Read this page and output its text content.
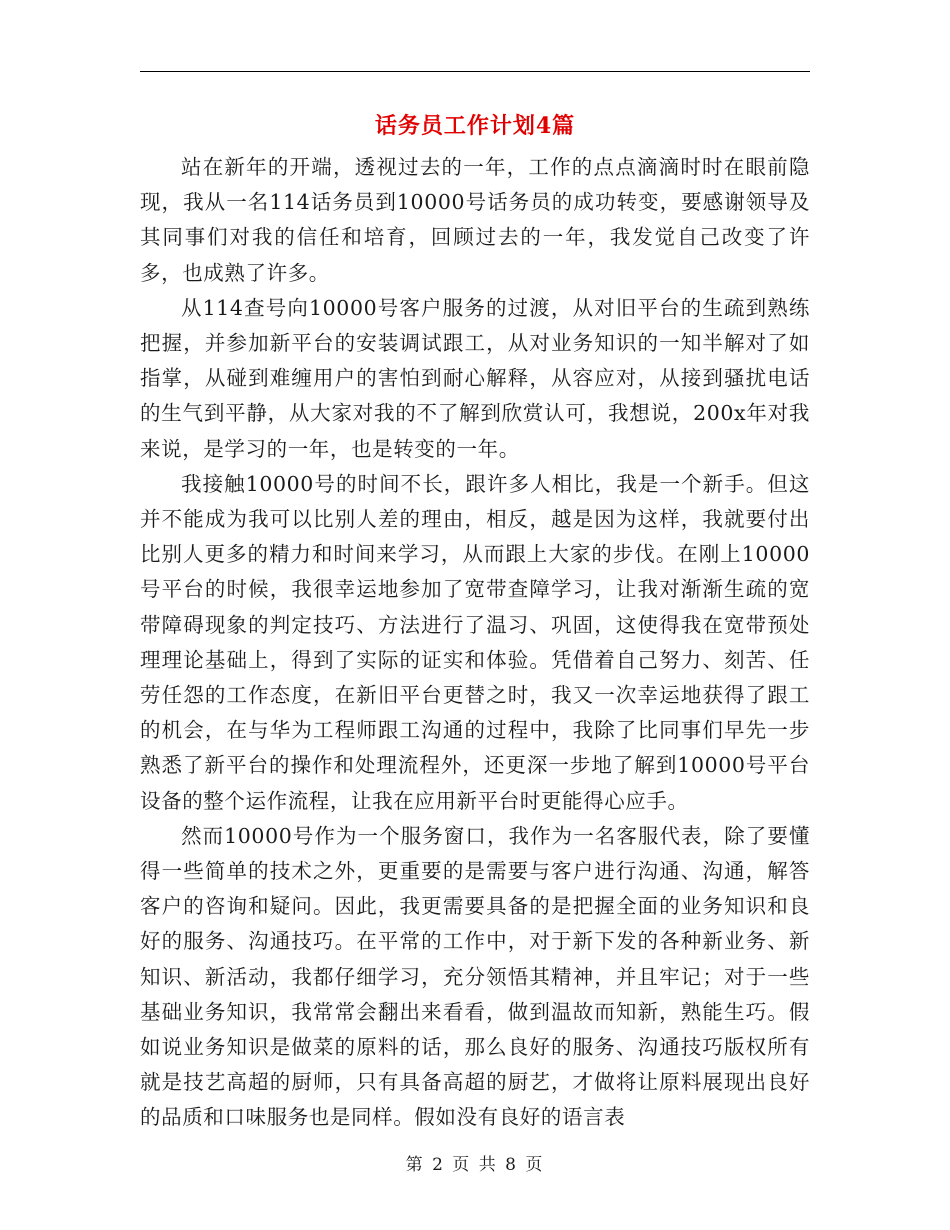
话务员工作计划4篇

站在新年的开端，透视过去的一年，工作的点点滴滴时时在眼前隐现，我从一名114话务员到10000号话务员的成功转变，要感谢领导及其同事们对我的信任和培育，回顾过去的一年，我发觉自己改变了许多，也成熟了许多。

从114查号向10000号客户服务的过渡，从对旧平台的生疏到熟练把握，并参加新平台的安装调试跟工，从对业务知识的一知半解对了如指掌，从碰到难缠用户的害怕到耐心解释，从容应对，从接到骚扰电话的生气到平静，从大家对我的不了解到欣赏认可，我想说，200x年对我来说，是学习的一年，也是转变的一年。

我接触10000号的时间不长，跟许多人相比，我是一个新手。但这并不能成为我可以比别人差的理由，相反，越是因为这样，我就要付出比别人更多的精力和时间来学习，从而跟上大家的步伐。在刚上10000号平台的时候，我很幸运地参加了宽带查障学习，让我对渐渐生疏的宽带障碍现象的判定技巧、方法进行了温习、巩固，这使得我在宽带预处理理论基础上，得到了实际的证实和体验。凭借着自己努力、刻苦、任劳任怨的工作态度，在新旧平台更替之时，我又一次幸运地获得了跟工的机会，在与华为工程师跟工沟通的过程中，我除了比同事们早先一步熟悉了新平台的操作和处理流程外，还更深一步地了解到10000号平台设备的整个运作流程，让我在应用新平台时更能得心应手。

然而10000号作为一个服务窗口，我作为一名客服代表，除了要懂得一些简单的技术之外，更重要的是需要与客户进行沟通、沟通，解答客户的咨询和疑问。因此，我更需要具备的是把握全面的业务知识和良好的服务、沟通技巧。在平常的工作中，对于新下发的各种新业务、新知识、新活动，我都仔细学习，充分领悟其精神，并且牢记；对于一些基础业务知识，我常常会翻出来看看，做到温故而知新，熟能生巧。假如说业务知识是做菜的原料的话，那么良好的服务、沟通技巧版权所有就是技艺高超的厨师，只有具备高超的厨艺，才做将让原料展现出良好的品质和口味服务也是同样。假如没有良好的语言表

第 2 页 共 8 页
